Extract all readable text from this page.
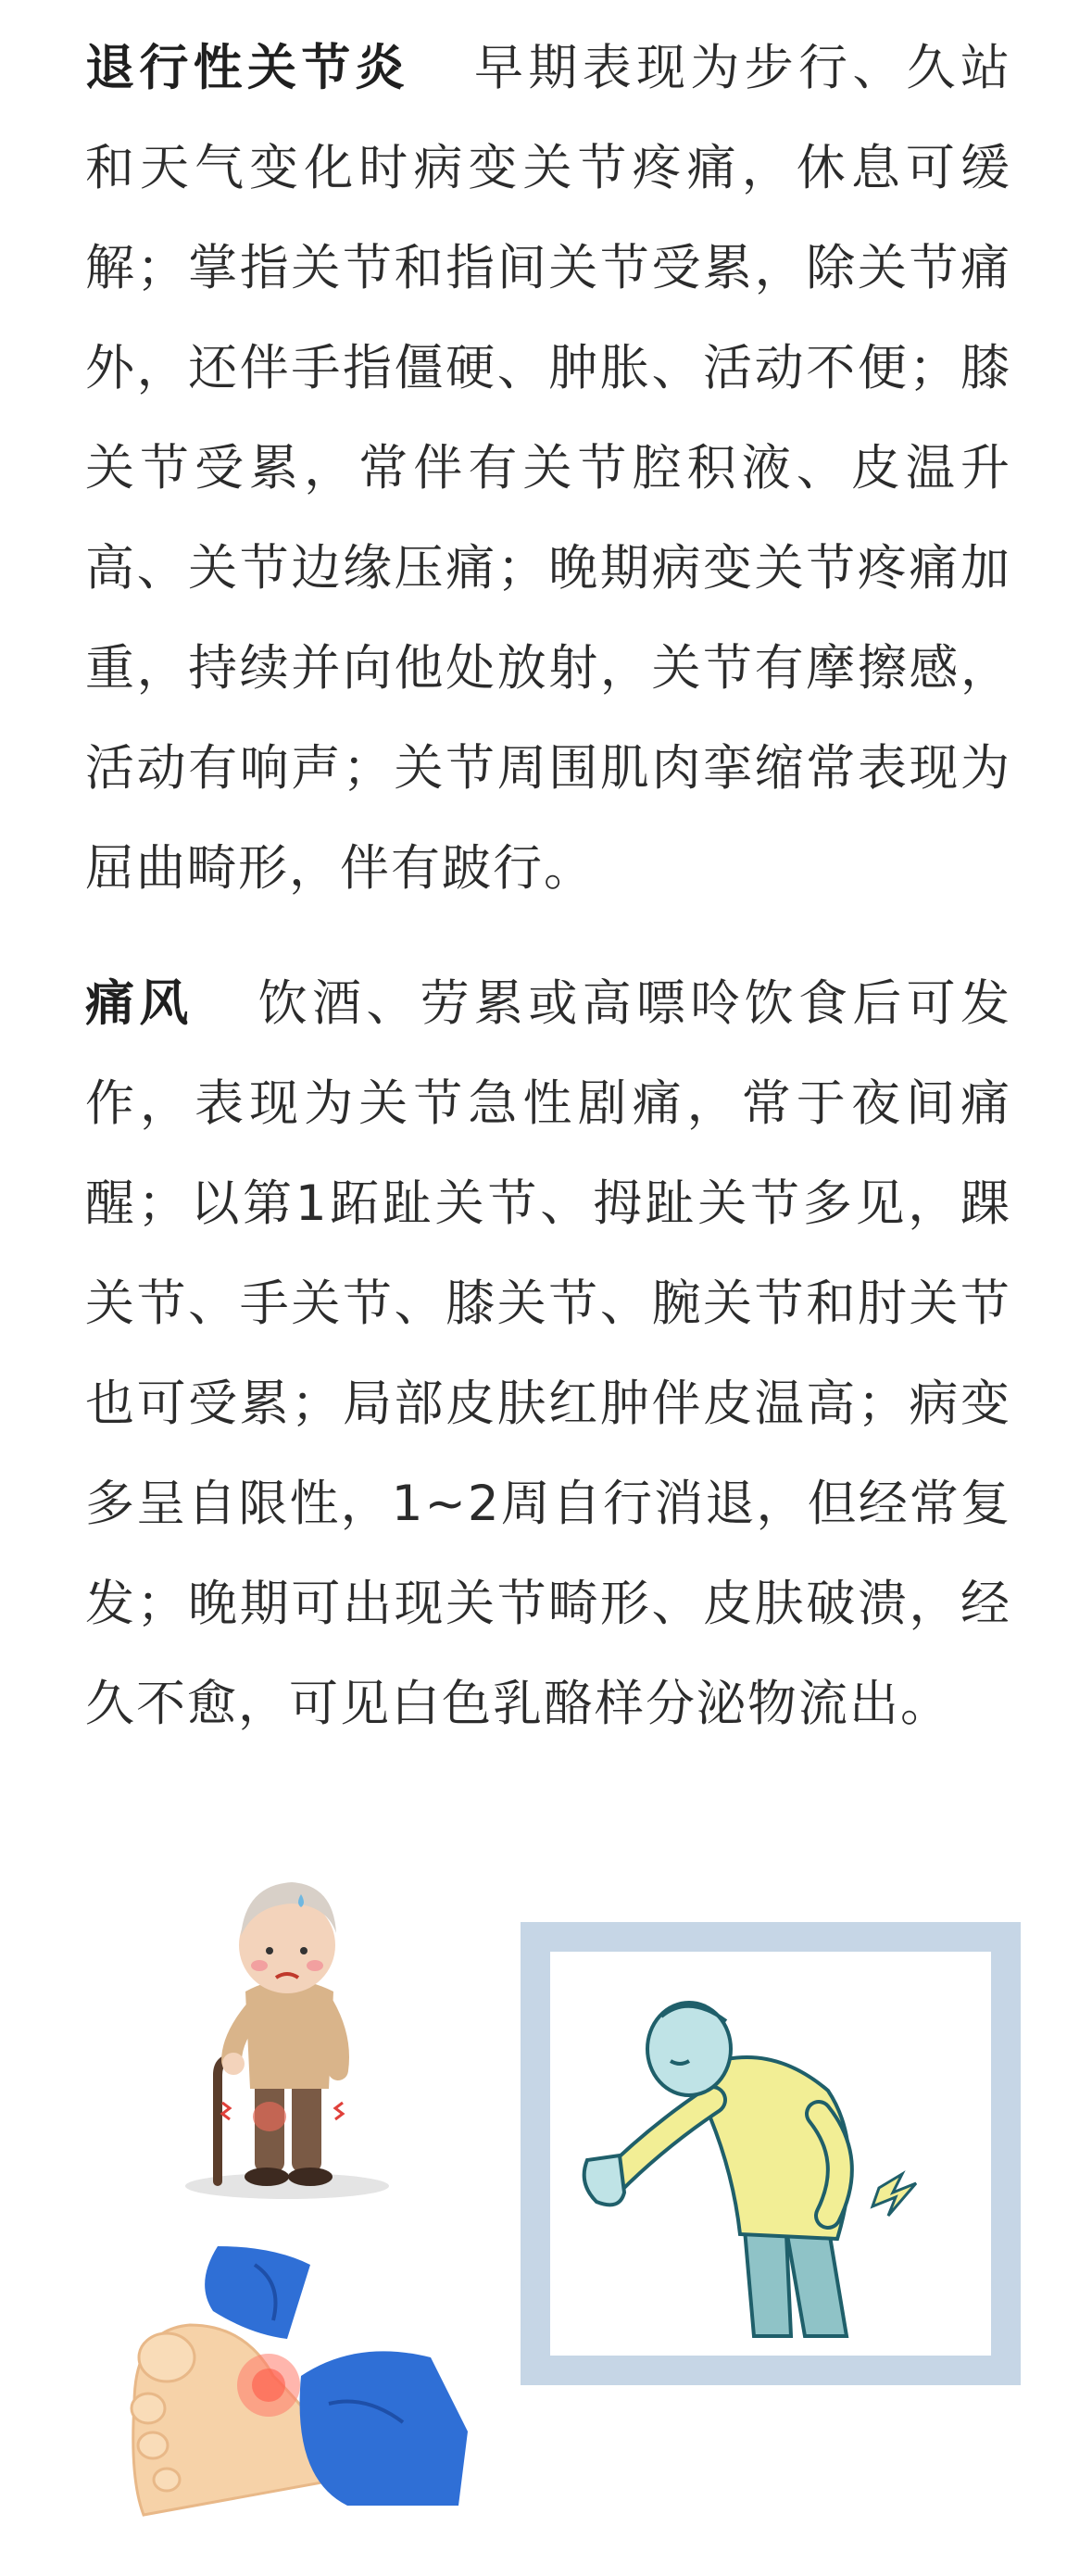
退行性关节炎 早期表现为步行、久站和天气变化时病变关节疼痛，休息可缓解；掌指关节和指间关节受累，除关节痛外，还伴手指僵硬、肿胀、活动不便；膝关节受累，常伴有关节腔积液、皮温升高、关节边缘压痛；晚期病变关节疼痛加重，持续并向他处放射，关节有摩擦感，活动有响声；关节周围肌肉挛缩常表现为屈曲畸形，伴有跛行。

痛风 饮酒、劳累或高嘌呤饮食后可发作，表现为关节急性剧痛，常于夜间痛醒；以第1跖趾关节、拇趾关节多见，踝关节、手关节、膝关节、腕关节和肘关节也可受累；局部皮肤红肿伴皮温高；病变多呈自限性，1~2周自行消退，但经常复发；晚期可出现关节畸形、皮肤破溃，经久不愈，可见白色乳酪样分泌物流出。
